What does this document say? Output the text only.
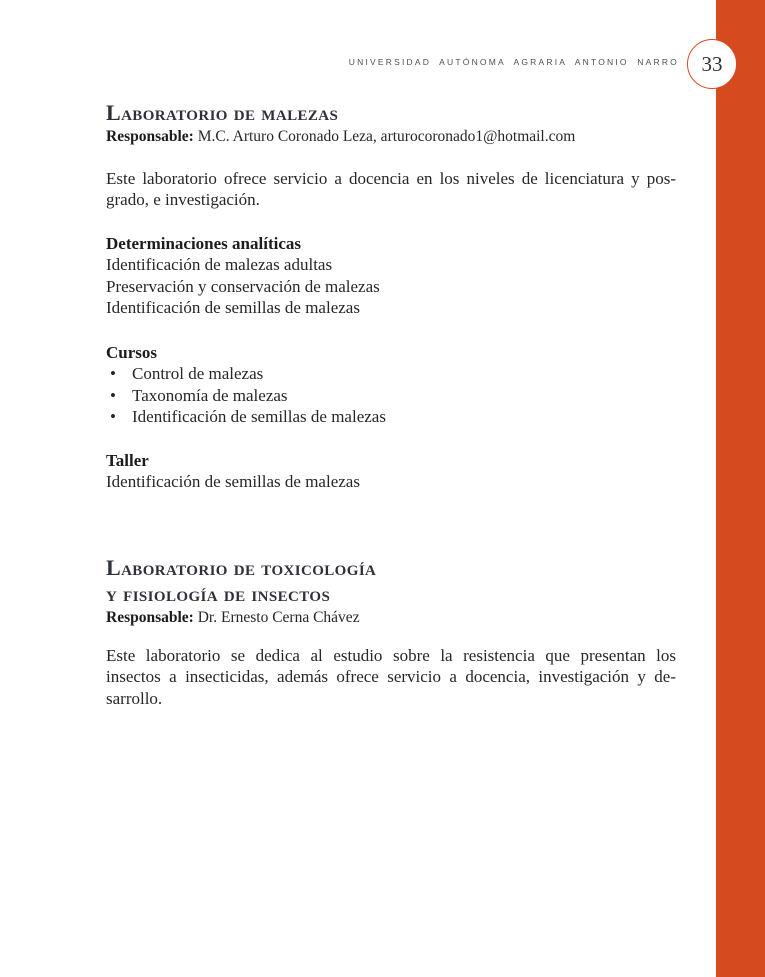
UNIVERSIDAD AUTÓNOMA AGRARIA ANTONIO NARRO 33
Laboratorio de malezas
Responsable: M.C. Arturo Coronado Leza, arturocoronado1@hotmail.com
Este laboratorio ofrece servicio a docencia en los niveles de licenciatura y pos-
grado, e investigación.
Determinaciones analíticas
Identificación de malezas adultas
Preservación y conservación de malezas
Identificación de semillas de malezas
Cursos
• Control de malezas
• Taxonomía de malezas
• Identificación de semillas de malezas
Taller
Identificación de semillas de malezas
Laboratorio de toxicología
y fisiología de insectos
Responsable: Dr. Ernesto Cerna Chávez
Este laboratorio se dedica al estudio sobre la resistencia que presentan los
insectos a insecticidas, además ofrece servicio a docencia, investigación y de-
sarrollo.
